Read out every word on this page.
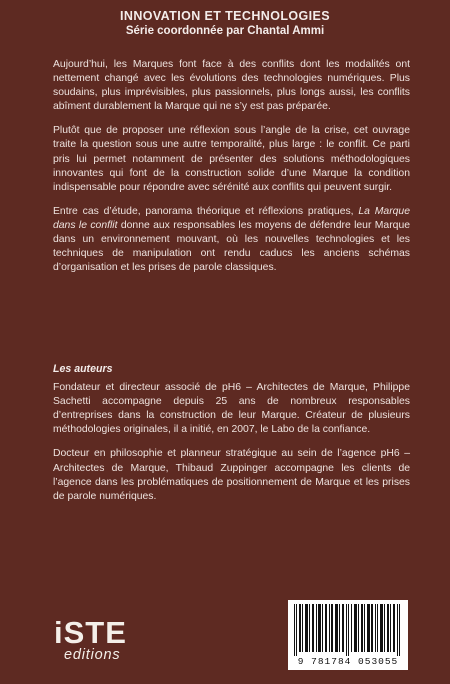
INNOVATION ET TECHNOLOGIES
Série coordonnée par Chantal Ammi

Aujourd’hui, les Marques font face à des conflits dont les modalités ont nettement changé avec les évolutions des technologies numériques. Plus soudains, plus imprévisibles, plus passionnels, plus longs aussi, les conflits abîment durablement la Marque qui ne s’y est pas préparée.

Plutôt que de proposer une réflexion sous l’angle de la crise, cet ouvrage traite la question sous une autre temporalité, plus large : le conflit. Ce parti pris lui permet notamment de présenter des solutions méthodologiques innovantes qui font de la construction solide d’une Marque la condition indispensable pour répondre avec sérénité aux conflits qui peuvent surgir.

Entre cas d’étude, panorama théorique et réflexions pratiques, La Marque dans le conflit donne aux responsables les moyens de défendre leur Marque dans un environnement mouvant, où les nouvelles technologies et les techniques de manipulation ont rendu caducs les anciens schémas d’organisation et les prises de parole classiques.

Les auteurs

Fondateur et directeur associé de pH6 – Architectes de Marque, Philippe Sachetti accompagne depuis 25 ans de nombreux responsables d’entreprises dans la construction de leur Marque. Créateur de plusieurs méthodologies originales, il a initié, en 2007, le Labo de la confiance.

Docteur en philosophie et planneur stratégique au sein de l’agence pH6 – Architectes de Marque, Thibaud Zuppinger accompagne les clients de l’agence dans les problématiques de positionnement de Marque et les prises de parole numériques.

iSTE
editions	9 781784 053055
